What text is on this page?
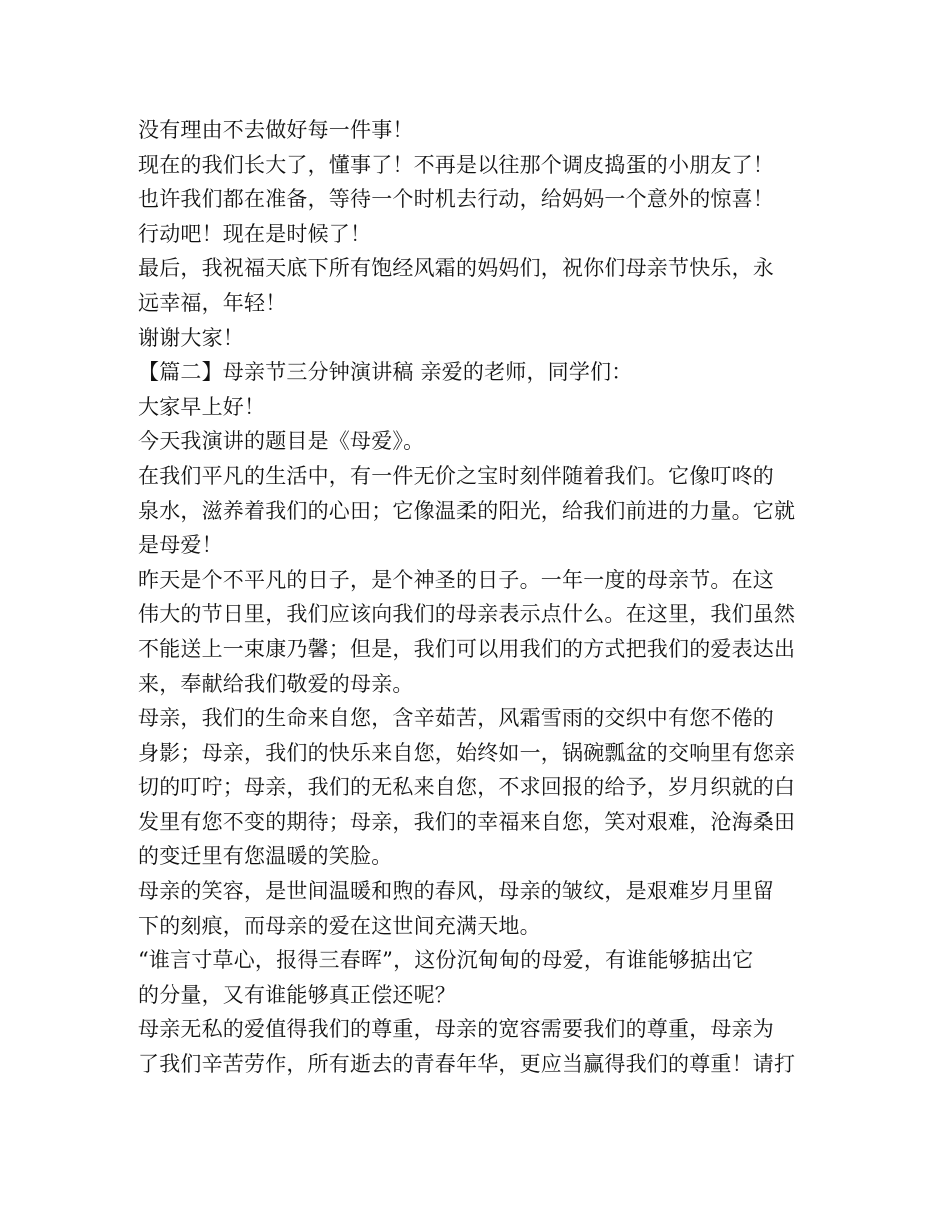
没有理由不去做好每一件事！
现在的我们长大了，懂事了！不再是以往那个调皮捣蛋的小朋友了！
也许我们都在准备，等待一个时机去行动，给妈妈一个意外的惊喜！
行动吧！现在是时候了！
最后，我祝福天底下所有饱经风霜的妈妈们，祝你们母亲节快乐，永
远幸福，年轻！
谢谢大家！
【篇二】母亲节三分钟演讲稿 亲爱的老师，同学们：
大家早上好！
今天我演讲的题目是《母爱》。
在我们平凡的生活中，有一件无价之宝时刻伴随着我们。它像叮咚的
泉水，滋养着我们的心田；它像温柔的阳光，给我们前进的力量。它就
是母爱！
昨天是个不平凡的日子，是个神圣的日子。一年一度的母亲节。在这
伟大的节日里，我们应该向我们的母亲表示点什么。在这里，我们虽然
不能送上一束康乃馨；但是，我们可以用我们的方式把我们的爱表达出
来，奉献给我们敬爱的母亲。
母亲，我们的生命来自您，含辛茹苦，风霜雪雨的交织中有您不倦的
身影；母亲，我们的快乐来自您，始终如一，锅碗瓢盆的交响里有您亲
切的叮咛；母亲，我们的无私来自您，不求回报的给予，岁月织就的白
发里有您不变的期待；母亲，我们的幸福来自您，笑对艰难，沧海桑田
的变迁里有您温暖的笑脸。
母亲的笑容，是世间温暖和煦的春风，母亲的皱纹，是艰难岁月里留
下的刻痕，而母亲的爱在这世间充满天地。
“谁言寸草心，报得三春晖”，这份沉甸甸的母爱，有谁能够掂出它
的分量，又有谁能够真正偿还呢？
母亲无私的爱值得我们的尊重，母亲的宽容需要我们的尊重，母亲为
了我们辛苦劳作，所有逝去的青春年华，更应当赢得我们的尊重！请打
